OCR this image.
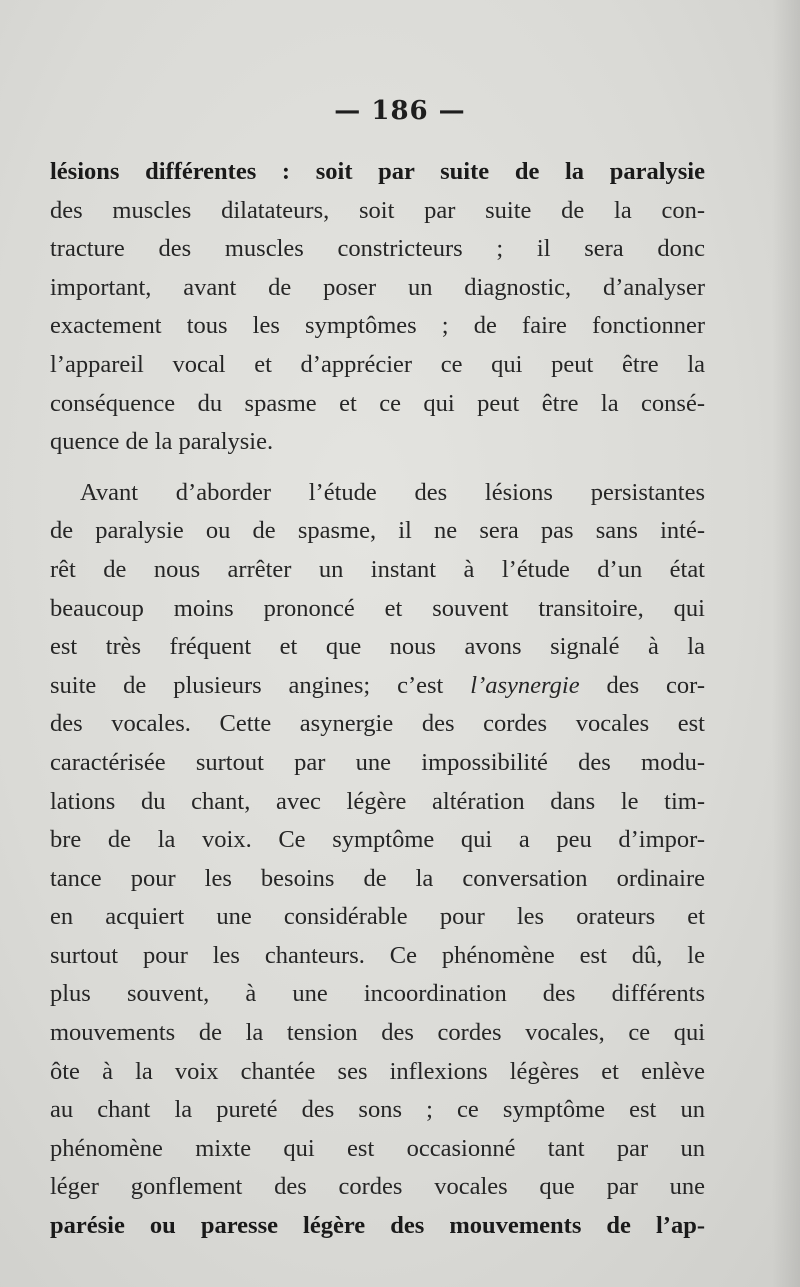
— 186 —
lésions différentes : soit par suite de la paralysie
des muscles dilatateurs, soit par suite de la con-
tracture des muscles constricteurs ; il sera donc
important, avant de poser un diagnostic, d’analyser
exactement tous les symptômes ; de faire fonctionner
l’appareil vocal et d’apprécier ce qui peut être la
conséquence du spasme et ce qui peut être la consé-
quence de la paralysie.
Avant d’aborder l’étude des lésions persistantes
de paralysie ou de spasme, il ne sera pas sans inté-
rêt de nous arrêter un instant à l’étude d’un état
beaucoup moins prononcé et souvent transitoire, qui
est très fréquent et que nous avons signalé à la
suite de plusieurs angines; c’est l’asynergie des cor-
des vocales. Cette asynergie des cordes vocales est
caractérisée surtout par une impossibilité des modu-
lations du chant, avec légère altération dans le tim-
bre de la voix. Ce symptôme qui a peu d’impor-
tance pour les besoins de la conversation ordinaire
en acquiert une considérable pour les orateurs et
surtout pour les chanteurs. Ce phénomène est dû, le
plus souvent, à une incoordination des différents
mouvements de la tension des cordes vocales, ce qui
ôte à la voix chantée ses inflexions légères et enlève
au chant la pureté des sons ; ce symptôme est un
phénomène mixte qui est occasionné tant par un
léger gonflement des cordes vocales que par une
parésie ou paresse légère des mouvements de l’ap-
